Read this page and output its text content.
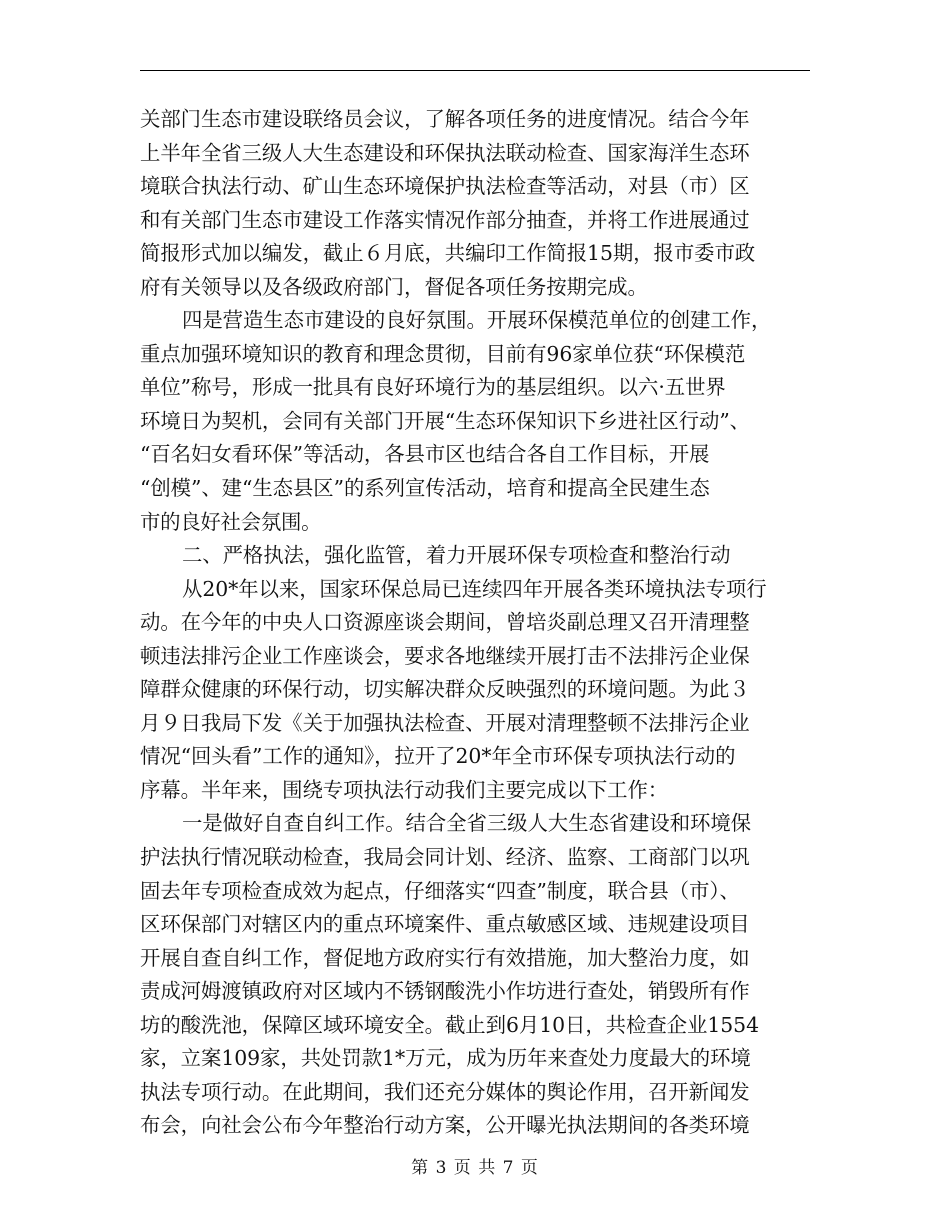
关部门生态市建设联络员会议，了解各项任务的进度情况。结合今年
上半年全省三级人大生态建设和环保执法联动检查、国家海洋生态环
境联合执法行动、矿山生态环境保护执法检查等活动，对县（市）区
和有关部门生态市建设工作落实情况作部分抽查，并将工作进展通过
简报形式加以编发，截止６月底，共编印工作简报15期，报市委市政
府有关领导以及各级政府部门，督促各项任务按期完成。
四是营造生态市建设的良好氛围。开展环保模范单位的创建工作，
重点加强环境知识的教育和理念贯彻，目前有96家单位获“环保模范
单位”称号，形成一批具有良好环境行为的基层组织。以六·五世界
环境日为契机，会同有关部门开展“生态环保知识下乡进社区行动”、
“百名妇女看环保”等活动，各县市区也结合各自工作目标，开展
“创模”、建“生态县区”的系列宣传活动，培育和提高全民建生态
市的良好社会氛围。
二、严格执法，强化监管，着力开展环保专项检查和整治行动
从20*年以来，国家环保总局已连续四年开展各类环境执法专项行
动。在今年的中央人口资源座谈会期间，曾培炎副总理又召开清理整
顿违法排污企业工作座谈会，要求各地继续开展打击不法排污企业保
障群众健康的环保行动，切实解决群众反映强烈的环境问题。为此３
月９日我局下发《关于加强执法检查、开展对清理整顿不法排污企业
情况“回头看”工作的通知》，拉开了20*年全市环保专项执法行动的
序幕。半年来，围绕专项执法行动我们主要完成以下工作：
一是做好自查自纠工作。结合全省三级人大生态省建设和环境保
护法执行情况联动检查，我局会同计划、经济、监察、工商部门以巩
固去年专项检查成效为起点，仔细落实“四查”制度，联合县（市）、
区环保部门对辖区内的重点环境案件、重点敏感区域、违规建设项目
开展自查自纠工作，督促地方政府实行有效措施，加大整治力度，如
责成河姆渡镇政府对区域内不锈钢酸洗小作坊进行查处，销毁所有作
坊的酸洗池，保障区域环境安全。截止到6月10日，共检查企业1554
家，立案109家，共处罚款1*万元，成为历年来查处力度最大的环境
执法专项行动。在此期间，我们还充分媒体的舆论作用，召开新闻发
布会，向社会公布今年整治行动方案，公开曝光执法期间的各类环境
第 3 页 共 7 页
